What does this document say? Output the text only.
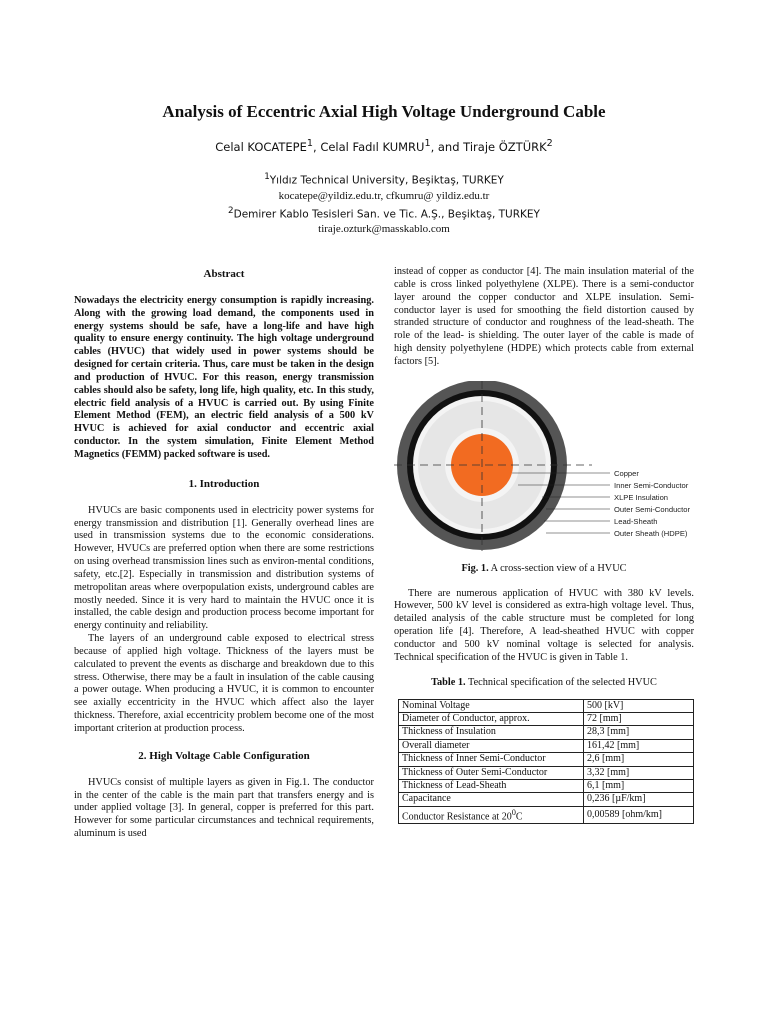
Analysis of Eccentric Axial High Voltage Underground Cable
Celal KOCATEPE$^1$, Celal Fadıl KUMRU$^1$, and Tiraje ÖZTÜRK$^2$
$^1$Yıldız Technical University, Beşiktaş, TURKEY
kocatepe@yildiz.edu.tr, cfkumru@ yildiz.edu.tr
$^2$Demirer Kablo Tesisleri San. ve Tic. A.Ş., Beşiktaş, TURKEY
tiraje.ozturk@masskablo.com
Abstract

Nowadays the electricity energy consumption is rapidly increasing. Along with the growing load demand, the components used in energy systems should be safe, have a long-life and have high quality to ensure energy continuity. The high voltage underground cables (HVUC) that widely used in power systems should be designed for certain criteria. Thus, care must be taken in the design and production of HVUC. For this reason, energy transmission cables should also be safety, long life, high quality, etc. In this study, electric field analysis of a HVUC is carried out. By using Finite Element Method (FEM), an electric field analysis of a 500 kV HVUC is achieved for axial conductor and eccentric axial conductor. In the system simulation, Finite Element Method Magnetics (FEMM) packed software is used.

1. Introduction

HVUCs are basic components used in electricity power systems for energy transmission and distribution [1]. Generally overhead lines are used in transmission systems due to the economic considerations. However, HVUCs are preferred option when there are some restrictions on using overhead transmission lines such as environ-mental conditions, safety, etc.[2]. Especially in transmission and distribution systems of metropolitan areas where overpopulation exists, underground cables are mostly needed. Since it is very hard to maintain the HVUC once it is installed, the cable design and production process become important for energy continuity and reliability.

The layers of an underground cable exposed to electrical stress because of applied high voltage. Thickness of the layers must be calculated to prevent the events as discharge and breakdown due to this stress. Otherwise, there may be a fault in insulation of the cable causing a power outage. When producing a HVUC, it is common to encounter see axially eccentricity in the HVUC which affect also the layer thickness. Therefore, axial eccentricity problem become one of the most important criterion at production process.

2. High Voltage Cable Configuration

HVUCs consist of multiple layers as given in Fig.1. The conductor in the center of the cable is the main part that transfers energy and is under applied voltage [3]. In general, copper is preferred for this part. However for some particular circumstances and technical requirements, aluminum is used

instead of copper as conductor [4]. The main insulation material of the cable is cross linked polyethylene (XLPE). There is a semi-conductor layer around the copper conductor and XLPE insulation. Semi-conductor layer is used for smoothing the field distortion caused by stranded structure of conductor and roughness of the lead-sheath. The role of the lead- is shielding. The outer layer of the cable is made of high density polyethylene (HDPE) which protects cable from external factors [5].

Copper
Inner Semi-Conductor
XLPE Insulation
Outer Semi-Conductor
Lead-Sheath
Outer Sheath (HDPE)

Fig. 1. A cross-section view of a HVUC

There are numerous application of HVUC with 380 kV levels. However, 500 kV level is considered as extra-high voltage level. Thus, detailed analysis of the cable structure must be completed for long operation life [4]. Therefore, A lead-sheathed HVUC with copper conductor and 500 kV nominal voltage is selected for analysis. Technical specification of the HVUC is given in Table 1.

Table 1. Technical specification of the selected HVUC

Nominal Voltage	500 [kV]
Diameter of Conductor, approx.	72 [mm]
Thickness of Insulation	28,3 [mm]
Overall diameter	161,42 [mm]
Thickness of Inner Semi-Conductor	2,6 [mm]
Thickness of Outer Semi-Conductor	3,32 [mm]
Thickness of Lead-Sheath	6,1 [mm]
Capacitance	0,236 [µF/km]
Conductor Resistance at $20^0C$	0,00589 [ohm/km]
